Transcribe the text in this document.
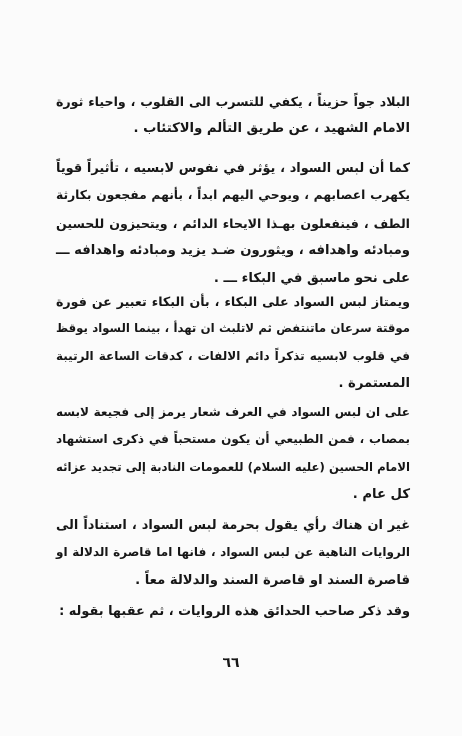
البلاد جواً حزيناً ، يكفي للتسرب الى القلوب ، واحياء ثورة
الامام الشهيد ، عن طريق التألم والاكتئاب .
كما أن لبس السواد ، يؤثر في نفوس لابسيه ، تأثيراً قوياً
يكهرب اعصابهم ، ويوحي اليهم ابداً ، بأنهم مفجعون بكارثة
الطف ، فينفعلون بهـذا الايحاء الدائم ، ويتحيزون للحسين
ومبادئه واهدافه ، ويثورون ضـد يزيد ومبادئه واهدافه ـــ
على نحو ماسبق في البكاء ـــ .
ويمتاز لبس السواد على البكاء ، بأن البكاء تعبير عن فورة
موقتة سرعان ماتنتفض ثم لاتلبث ان تهدأ ، بينما السواد يوقظ
في قلوب لابسيه تذكراً دائم الالفات ، كدقات الساعة الرتيبة
المستمرة .
على ان لبس السواد في العرف شعار يرمز إلى فجيعة لابسه
بمصاب ، فمن الطبيعي أن يكون مستحباً في ذكرى استشهاد
الامام الحسين (عليه السلام) للعمومات النادبة إلى تجديد عزائه
كل عام .
غير ان هناك رأي يقول بحرمة لبس السواد ، استناداً الى
الروايات الناهية عن لبس السواد ، فانها اما قاصرة الدلالة او
قاصرة السند او قاصرة السند والدلالة معاً .
وقد ذكر صاحب الحدائق هذه الروايات ، ثم عقبها بقوله :
٦٦
